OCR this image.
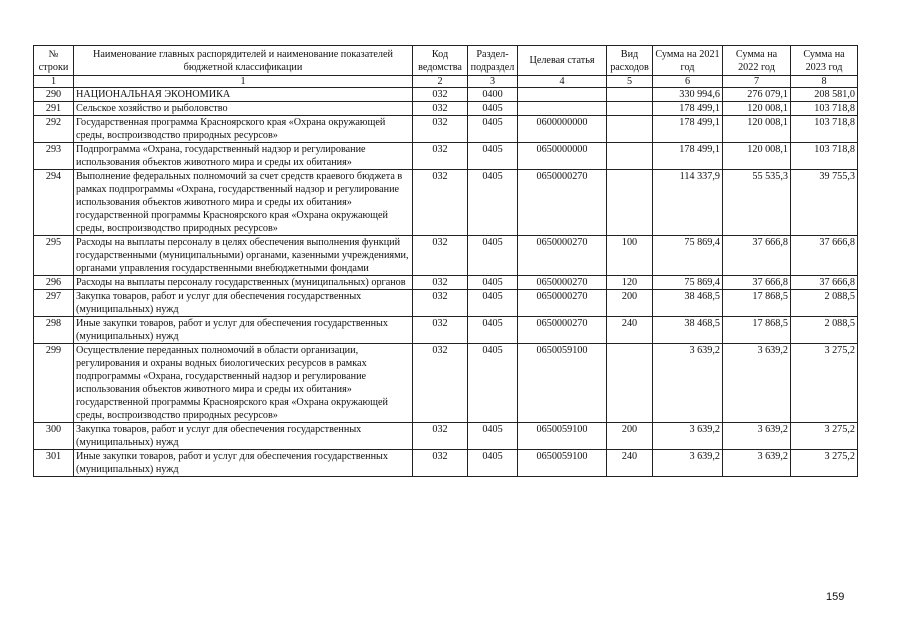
№ строки	Наименование главных распорядителей и наименование показателей бюджетной классификации	Код ведомства	Раздел-подраздел	Целевая статья	Вид расходов	Сумма на 2021 год	Сумма на 2022 год	Сумма на 2023 год
1	1	2	3	4	5	6	7	8
290	НАЦИОНАЛЬНАЯ ЭКОНОМИКА	032	0400			330 994,6	276 079,1	208 581,0
291	Сельское хозяйство и рыболовство	032	0405			178 499,1	120 008,1	103 718,8
292	Государственная программа Красноярского края «Охрана окружающей среды, воспроизводство природных ресурсов»	032	0405	0600000000		178 499,1	120 008,1	103 718,8
293	Подпрограмма «Охрана, государственный надзор и регулирование использования объектов животного мира и среды их обитания»	032	0405	0650000000		178 499,1	120 008,1	103 718,8
294	Выполнение федеральных полномочий за счет средств краевого бюджета в рамках подпрограммы «Охрана, государственный надзор и регулирование использования объектов животного мира и среды их обитания» государственной программы Красноярского края «Охрана окружающей среды, воспроизводство природных ресурсов»	032	0405	0650000270		114 337,9	55 535,3	39 755,3
295	Расходы на выплаты персоналу в целях обеспечения выполнения функций государственными (муниципальными) органами, казенными учреждениями, органами управления государственными внебюджетными фондами	032	0405	0650000270	100	75 869,4	37 666,8	37 666,8
296	Расходы на выплаты персоналу государственных (муниципальных) органов	032	0405	0650000270	120	75 869,4	37 666,8	37 666,8
297	Закупка товаров, работ и услуг для обеспечения государственных (муниципальных) нужд	032	0405	0650000270	200	38 468,5	17 868,5	2 088,5
298	Иные закупки товаров, работ и услуг для обеспечения государственных (муниципальных) нужд	032	0405	0650000270	240	38 468,5	17 868,5	2 088,5
299	Осуществление переданных полномочий в области организации, регулирования и охраны водных биологических ресурсов в рамках подпрограммы «Охрана, государственный надзор и регулирование использования объектов животного мира и среды их обитания» государственной программы Красноярского края «Охрана окружающей среды, воспроизводство природных ресурсов»	032	0405	0650059100		3 639,2	3 639,2	3 275,2
300	Закупка товаров, работ и услуг для обеспечения государственных (муниципальных) нужд	032	0405	0650059100	200	3 639,2	3 639,2	3 275,2
301	Иные закупки товаров, работ и услуг для обеспечения государственных (муниципальных) нужд	032	0405	0650059100	240	3 639,2	3 639,2	3 275,2
159
